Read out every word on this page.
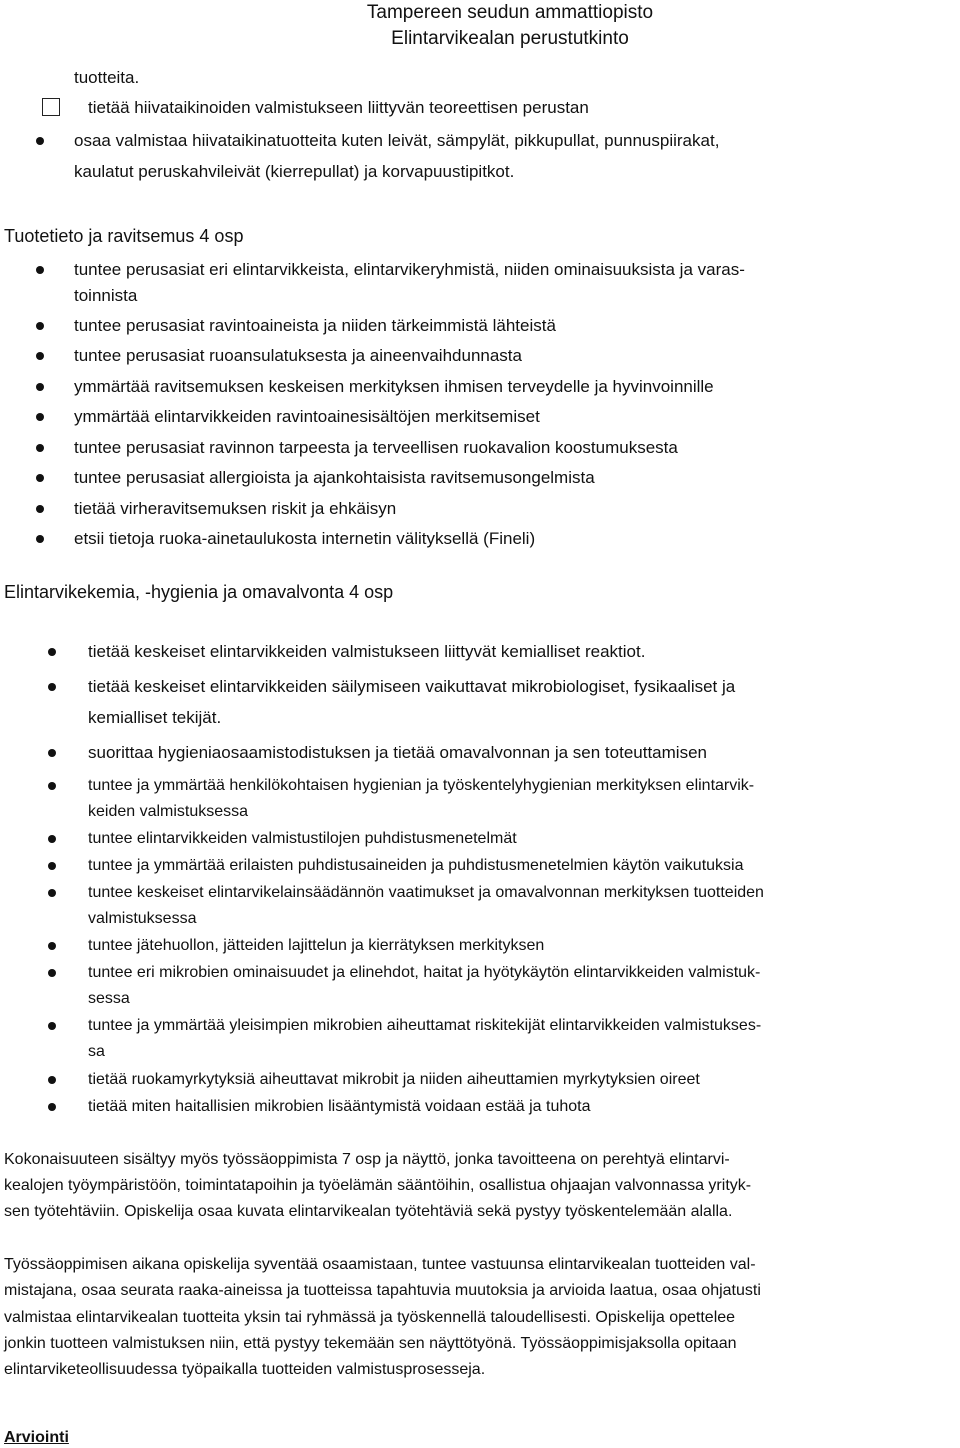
Tampereen seudun ammattiopisto
Elintarvikealan perustutkinto
tuotteita.
tietää hiivataikinoiden valmistukseen liittyvän teoreettisen perustan
osaa valmistaa hiivataikinatuotteita kuten leivät, sämpylät, pikkupullat, punnuspiirakat,
kaulatut peruskahvileivät (kierrepullat) ja korvapuustipitkot.
Tuotetieto ja ravitsemus 4 osp
tuntee perusasiat eri elintarvikkeista, elintarvikeryhmistä, niiden ominaisuuksista ja varas-
toinnista
tuntee perusasiat ravintoaineista ja niiden tärkeimmistä lähteistä
tuntee perusasiat ruoansulatuksesta ja aineenvaihdunnasta
ymmärtää ravitsemuksen keskeisen merkityksen ihmisen terveydelle ja hyvinvoinnille
ymmärtää elintarvikkeiden ravintoainesisältöjen merkitsemiset
tuntee perusasiat ravinnon tarpeesta ja terveellisen ruokavalion koostumuksesta
tuntee perusasiat allergioista ja ajankohtaisista ravitsemusongelmista
tietää virheravitsemuksen riskit ja ehkäisyn
etsii tietoja ruoka-ainetaulukosta internetin välityksellä (Fineli)
Elintarvikekemia, -hygienia ja omavalvonta 4 osp
tietää keskeiset elintarvikkeiden valmistukseen liittyvät kemialliset reaktiot.
tietää keskeiset elintarvikkeiden säilymiseen vaikuttavat mikrobiologiset, fysikaaliset ja
kemialliset tekijät.
suorittaa hygieniaosaamistodistuksen ja tietää omavalvonnan ja sen toteuttamisen
tuntee ja ymmärtää henkilökohtaisen hygienian ja työskentelyhygienian merkityksen elintarvik-
keiden valmistuksessa
tuntee elintarvikkeiden valmistustilojen puhdistusmenetelmät
tuntee ja ymmärtää erilaisten puhdistusaineiden ja puhdistusmenetelmien käytön vaikutuksia
tuntee keskeiset elintarvikelainsäädännön vaatimukset ja omavalvonnan merkityksen tuotteiden
valmistuksessa
tuntee jätehuollon, jätteiden lajittelun ja kierrätyksen merkityksen
tuntee eri mikrobien ominaisuudet ja elinehdot, haitat ja hyötykäytön elintarvikkeiden valmistuk-
sessa
tuntee ja ymmärtää yleisimpien mikrobien aiheuttamat riskitekijät elintarvikkeiden valmistukses-
sa
tietää ruokamyrkytyksiä aiheuttavat mikrobit ja niiden aiheuttamien myrkytyksien oireet
tietää miten haitallisien mikrobien lisääntymistä voidaan estää ja tuhota
Kokonaisuuteen sisältyy myös työssäoppimista 7 osp ja näyttö, jonka tavoitteena on perehtyä elintarvi-
kealojen työympäristöön, toimintatapoihin ja työelämän sääntöihin, osallistua ohjaajan valvonnassa yrityk-
sen työtehtäviin. Opiskelija osaa kuvata elintarvikealan työtehtäviä sekä pystyy työskentelemään alalla.
Työssäoppimisen aikana opiskelija syventää osaamistaan, tuntee vastuunsa elintarvikealan tuotteiden val-
mistajana, osaa seurata raaka-aineissa ja tuotteissa tapahtuvia muutoksia ja arvioida laatua, osaa ohjatusti
valmistaa elintarvikealan tuotteita yksin tai ryhmässä ja työskennellä taloudellisesti. Opiskelija opettelee
jonkin tuotteen valmistuksen niin, että pystyy tekemään sen näyttötyönä. Työssäoppimisjaksolla opitaan
elintarviketeollisuudessa työpaikalla tuotteiden valmistusprosesseja.
Arviointi
